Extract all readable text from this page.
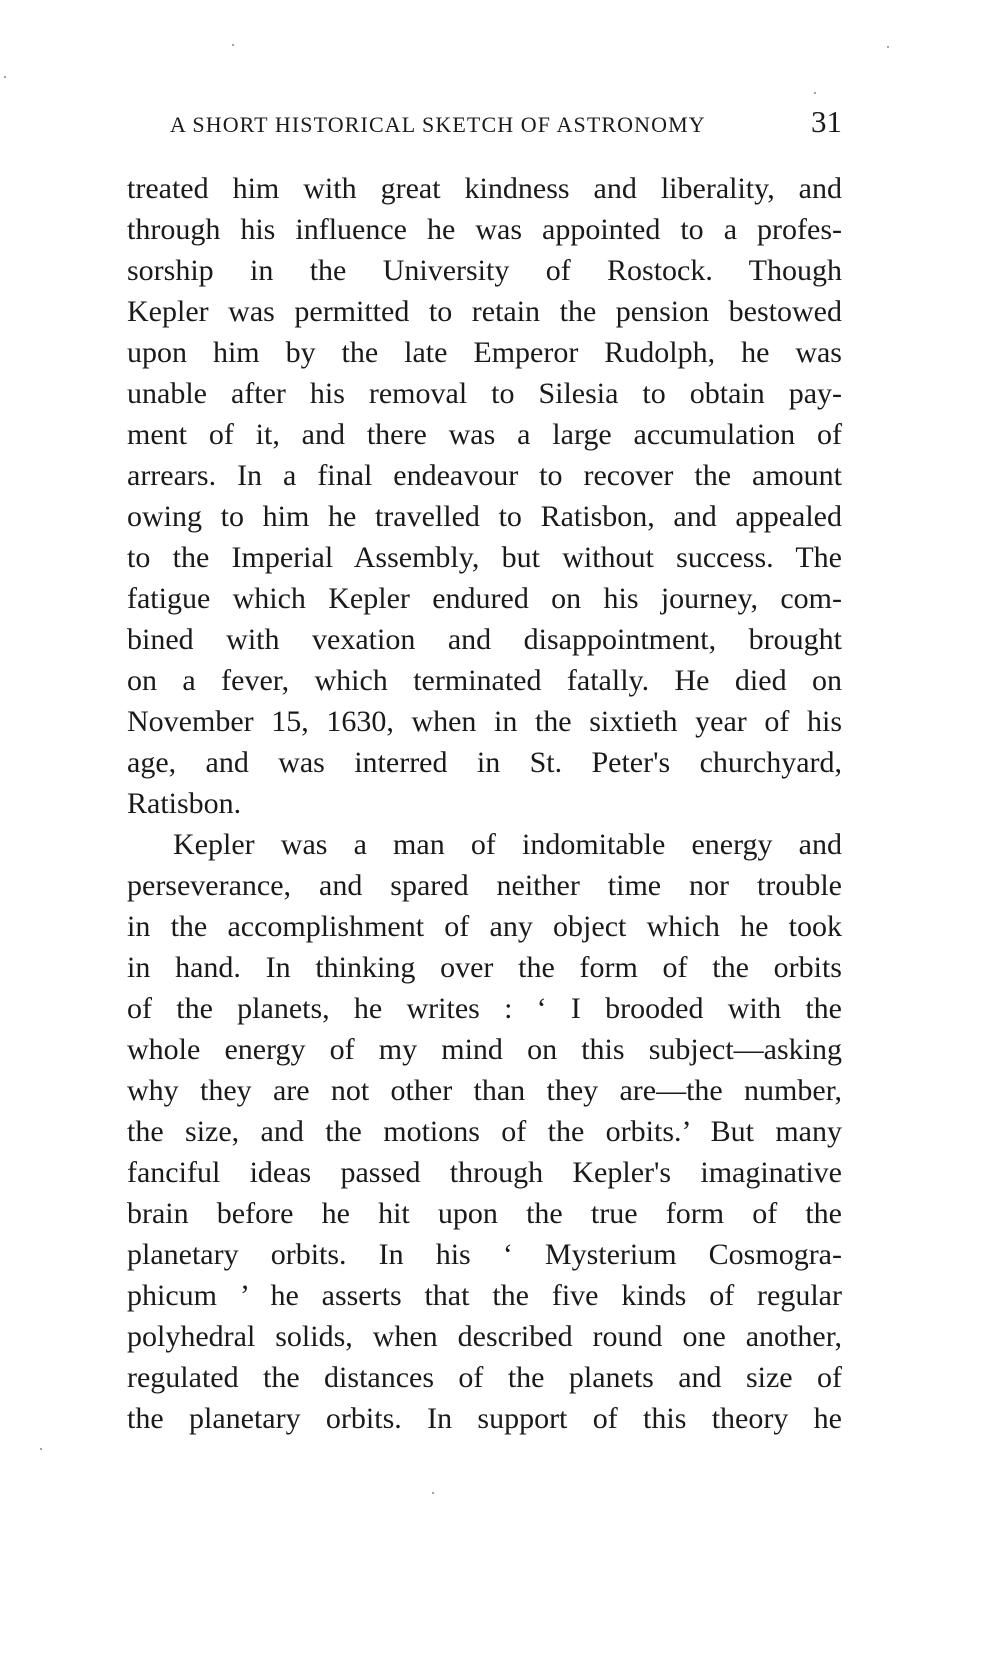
A SHORT HISTORICAL SKETCH OF ASTRONOMY	31
treated him with great kindness and liberality, and
through his influence he was appointed to a profes-
sorship in the University of Rostock. Though
Kepler was permitted to retain the pension bestowed
upon him by the late Emperor Rudolph, he was
unable after his removal to Silesia to obtain pay-
ment of it, and there was a large accumulation of
arrears. In a final endeavour to recover the amount
owing to him he travelled to Ratisbon, and appealed
to the Imperial Assembly, but without success. The
fatigue which Kepler endured on his journey, com-
bined with vexation and disappointment, brought
on a fever, which terminated fatally. He died on
November 15, 1630, when in the sixtieth year of his
age, and was interred in St. Peter's churchyard,
Ratisbon.
Kepler was a man of indomitable energy and
perseverance, and spared neither time nor trouble
in the accomplishment of any object which he took
in hand. In thinking over the form of the orbits
of the planets, he writes : ‘ I brooded with the
whole energy of my mind on this subject—asking
why they are not other than they are—the number,
the size, and the motions of the orbits.’ But many
fanciful ideas passed through Kepler's imaginative
brain before he hit upon the true form of the
planetary orbits. In his ‘ Mysterium Cosmogra-
phicum ’ he asserts that the five kinds of regular
polyhedral solids, when described round one another,
regulated the distances of the planets and size of
the planetary orbits. In support of this theory he
